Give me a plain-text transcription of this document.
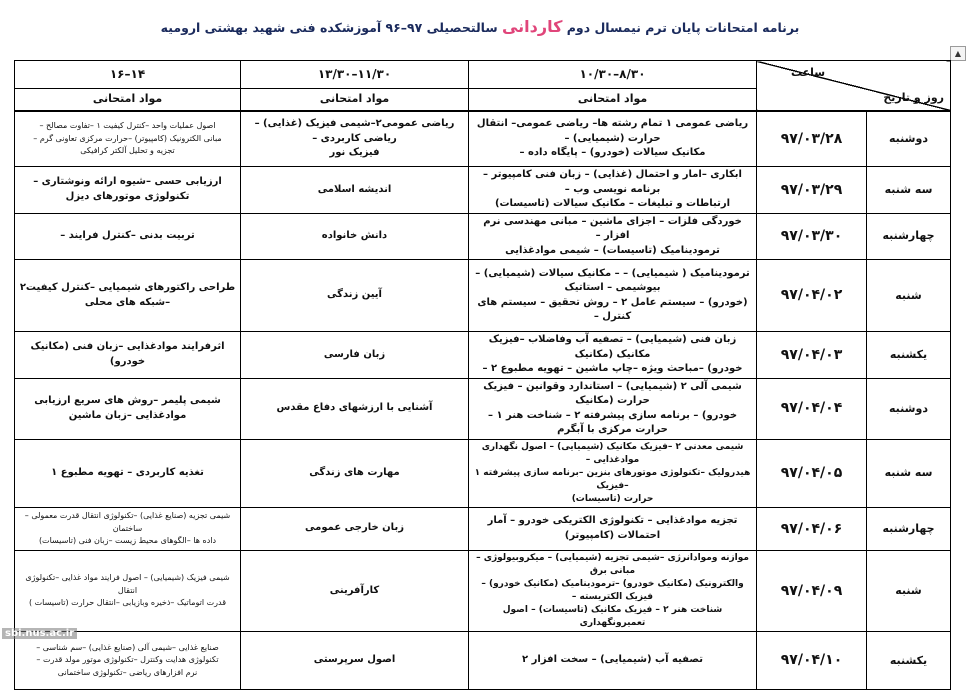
برنامه امتحانات پایان ترم نیمسال دوم کاردانی سالتحصیلی ۹۷–۹۶ آموزشکده فنی شهید بهشتی ارومیه
▲
ساعت
روز و تاریخ		۸/۳۰–۱۰/۳۰	۱۱/۳۰–۱۳/۳۰	۱۴–۱۶
		مواد امتحانی	مواد امتحانی	مواد امتحانی
دوشنبه	۹۷/۰۳/۲۸	ریاضی عمومی ۱ تمام رشته ها– ریاضی عمومی– انتقال حرارت (شیمیایی) –
مکانیک سیالات (خودرو) – پایگاه داده –	ریاضی عمومی۲–شیمی فیزیک (غذایی) –ریاضی کاربردی –
فیزیک نور	اصول عملیات واحد –کنترل کیفیت ۱ –تفاوت مصالح –
مبانی الکترونیک (کامپیوتر) –حرارت مرکزی تعاونی گرم –
تجزیه و تحلیل آلکتر کرافیکی
سه شنبه	۹۷/۰۳/۲۹	ابکاری –امار و احتمال (غذایی) – زبان فنی کامپیوتر – برنامه نویسی وب –
ارتباطات و تبلیغات – مکانیک سیالات (تاسیسات)	اندیشه اسلامی	ارزیابی حسی –شیوه ارائه ونوشتاری –
تکنولوژی موتورهای دیزل
چهارشنبه	۹۷/۰۳/۳۰	خوردگی فلزات – اجزای ماشین – مبانی مهندسی نرم افزار –
ترمودینامیک (تاسیسات) – شیمی موادغذایی	دانش خانواده	تربیت بدنی –کنترل فرایند –
شنبه	۹۷/۰۴/۰۲	ترمودینامیک ( شیمیایی) – – مکانیک سیالات (شیمیایی) – بیوشیمی – استاتیک
(خودرو) – سیستم عامل ۲ – روش تحقیق – سیستم های کنترل –	آیین زندگی	طراحی راکتورهای شیمیایی –کنترل کیفیت۲ –شبکه های محلی
یکشنبه	۹۷/۰۴/۰۳	زبان فنی (شیمیایی) – تصفیه آب وفاضلاب –فیزیک مکانیک (مکانیک
خودرو) –مباحث ویژه –چاپ ماشین – تهویه مطبوع ۲ –	زبان فارسی	اثرفرایند موادغذایی –زبان فنی (مکانیک خودرو)
دوشنبه	۹۷/۰۴/۰۴	شیمی آلی ۲ (شیمیایی) – استاندارد وقوانین – فیزیک حرارت (مکانیک
خودرو) – برنامه سازی پیشرفته ۲ – شناخت هنر ۱ – حرارت مرکزی با آبگرم	آشنایی با ارزشهای دفاع مقدس	شیمی پلیمر –روش های سریع ارزیابی موادغذایی –زبان ماشین
سه شنبه	۹۷/۰۴/۰۵	شیمی معدنی ۲ –فیزیک مکانیک (شیمیایی) – اصول نگهداری موادغذایی –
هیدرولیک –تکنولوژی موتورهای بنزین –برنامه سازی پیشرفته ۱ –فیزیک
حرارت (تاسیسات)	مهارت های زندگی	تغذیه کاربردی – تهویه مطبوع ۱
چهارشنبه	۹۷/۰۴/۰۶	تجزیه موادغذایی – تکنولوژی الکتریکی خودرو – آمار احتمالات (کامپیوتر)	زبان خارجی عمومی	شیمی تجزیه (صنایع غذایی) –تکنولوژی انتقال قدرت معمولی –ساختمان
داده ها –الگوهای محیط زیست –زبان فنی (تاسیسات)
شنبه	۹۷/۰۴/۰۹	موازنه وموادانرژی –شیمی تجزیه (شیمیایی) – میکروبیولوژی – مبانی برق
والکترونیک (مکانیک خودرو) –ترمودینامیک (مکانیک خودرو) –فیزیک الکتریسته –
شناخت هنر ۲ – فیزیک مکانیک (تاسیسات) – اصول تعمیرونگهداری	کارآفرینی	شیمی فیزیک (شیمیایی) – اصول فرایند مواد غذایی –تکنولوژی انتقال
قدرت اتوماتیک –ذخیره وبازیابی –انتقال حرارت (تاسیسات )
یکشنبه	۹۷/۰۴/۱۰	تصفیه آب (شیمیایی) – سخت افزار ۲	اصول سرپرستی	صنایع غذایی –شیمی آلی (صنایع غذایی) –سم شناسی –
تکنولوژی هدایت وکنترل –تکنولوژی موتور مولد قدرت –
نرم افزارهای ریاضی –تکنولوژی ساختمانی
sbi.nus.ac.ir
